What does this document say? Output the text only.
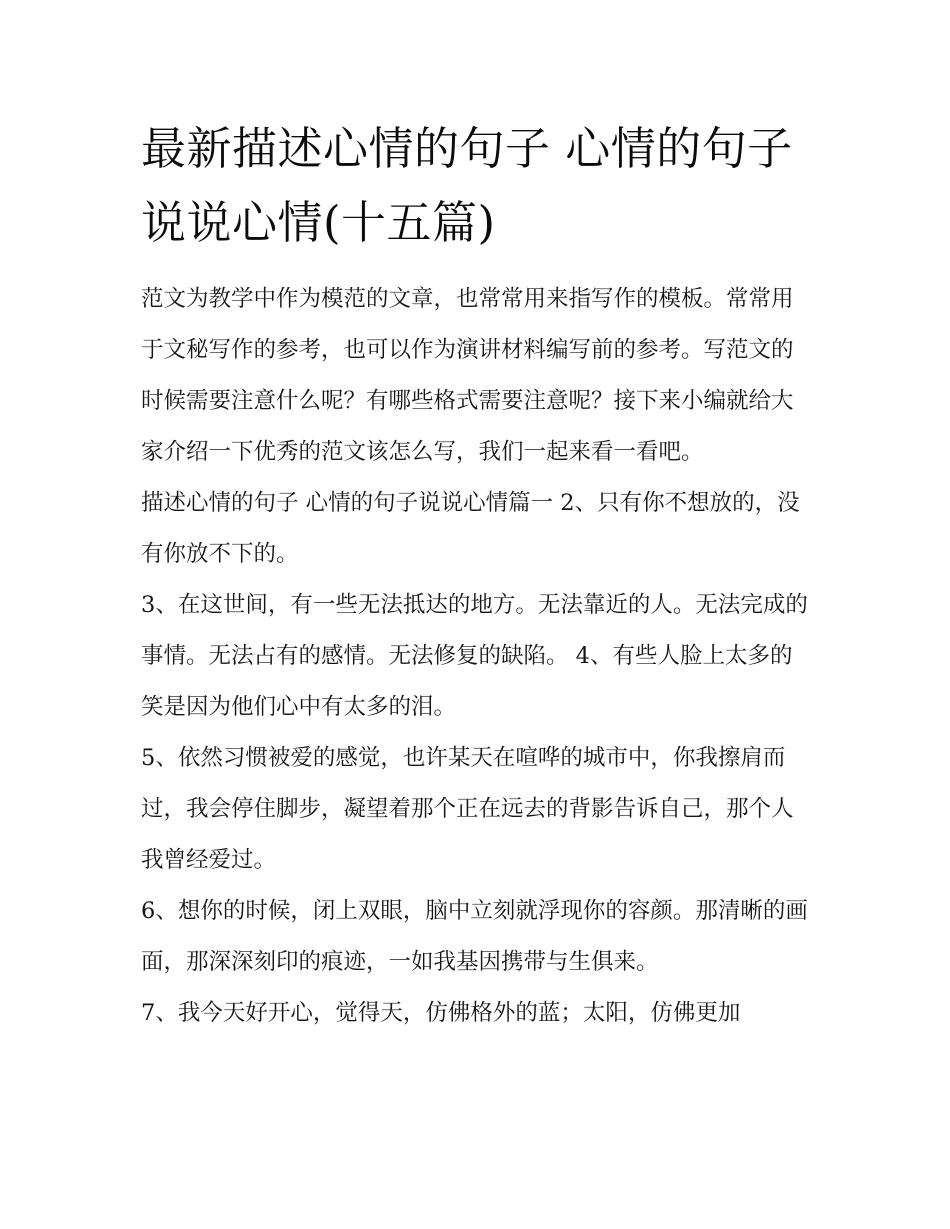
最新描述心情的句子 心情的句子说说心情(十五篇)

范文为教学中作为模范的文章，也常常用来指写作的模板。常常用于文秘写作的参考，也可以作为演讲材料编写前的参考。写范文的时候需要注意什么呢？有哪些格式需要注意呢？接下来小编就给大家介绍一下优秀的范文该怎么写，我们一起来看一看吧。

描述心情的句子 心情的句子说说心情篇一 2、只有你不想放的，没有你放不下的。

3、在这世间，有一些无法抵达的地方。无法靠近的人。无法完成的事情。无法占有的感情。无法修复的缺陷。 4、有些人脸上太多的笑是因为他们心中有太多的泪。

5、依然习惯被爱的感觉，也许某天在喧哗的城市中，你我擦肩而过，我会停住脚步，凝望着那个正在远去的背影告诉自己，那个人我曾经爱过。

6、想你的时候，闭上双眼，脑中立刻就浮现你的容颜。那清晰的画面，那深深刻印的痕迹，一如我基因携带与生俱来。

7、我今天好开心，觉得天，仿佛格外的蓝；太阳，仿佛更加
